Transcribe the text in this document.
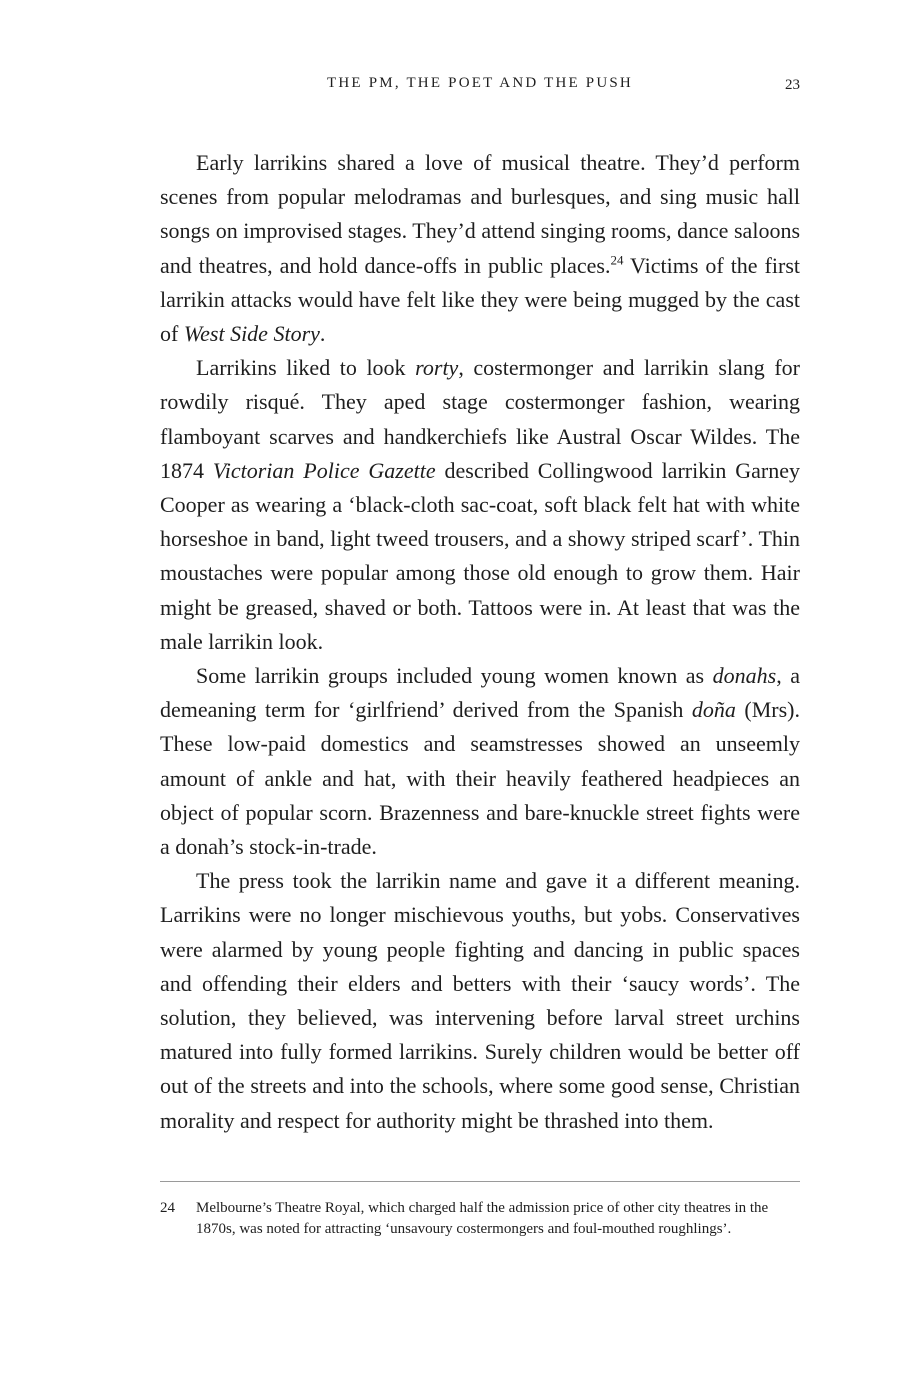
THE PM, THE POET AND THE PUSH	23

Early larrikins shared a love of musical theatre. They’d perform scenes from popular melodramas and burlesques, and sing music hall songs on improvised stages. They’d attend singing rooms, dance saloons and theatres, and hold dance-offs in public places.$^{24}$ Victims of the first larrikin attacks would have felt like they were being mugged by the cast of West Side Story.

Larrikins liked to look rorty, costermonger and larrikin slang for rowdily risqué. They aped stage costermonger fashion, wearing flamboyant scarves and handkerchiefs like Austral Oscar Wildes. The 1874 Victorian Police Gazette described Collingwood larrikin Garney Cooper as wearing a ‘black-cloth sac-coat, soft black felt hat with white horseshoe in band, light tweed trousers, and a showy striped scarf’. Thin moustaches were popular among those old enough to grow them. Hair might be greased, shaved or both. Tattoos were in. At least that was the male larrikin look.

Some larrikin groups included young women known as donahs, a demeaning term for ‘girlfriend’ derived from the Spanish doña (Mrs). These low-paid domestics and seamstresses showed an unseemly amount of ankle and hat, with their heavily feathered headpieces an object of popular scorn. Brazenness and bare-knuckle street fights were a donah’s stock-in-trade.

The press took the larrikin name and gave it a different meaning. Larrikins were no longer mischievous youths, but yobs. Conservatives were alarmed by young people fighting and dancing in public spaces and offending their elders and betters with their ‘saucy words’. The solution, they believed, was intervening before larval street urchins matured into fully formed larrikins. Surely children would be better off out of the streets and into the schools, where some good sense, Christian morality and respect for authority might be thrashed into them.

24 Melbourne’s Theatre Royal, which charged half the admission price of other city theatres in the 1870s, was noted for attracting ‘unsavoury costermongers and foul-mouthed roughlings’.
